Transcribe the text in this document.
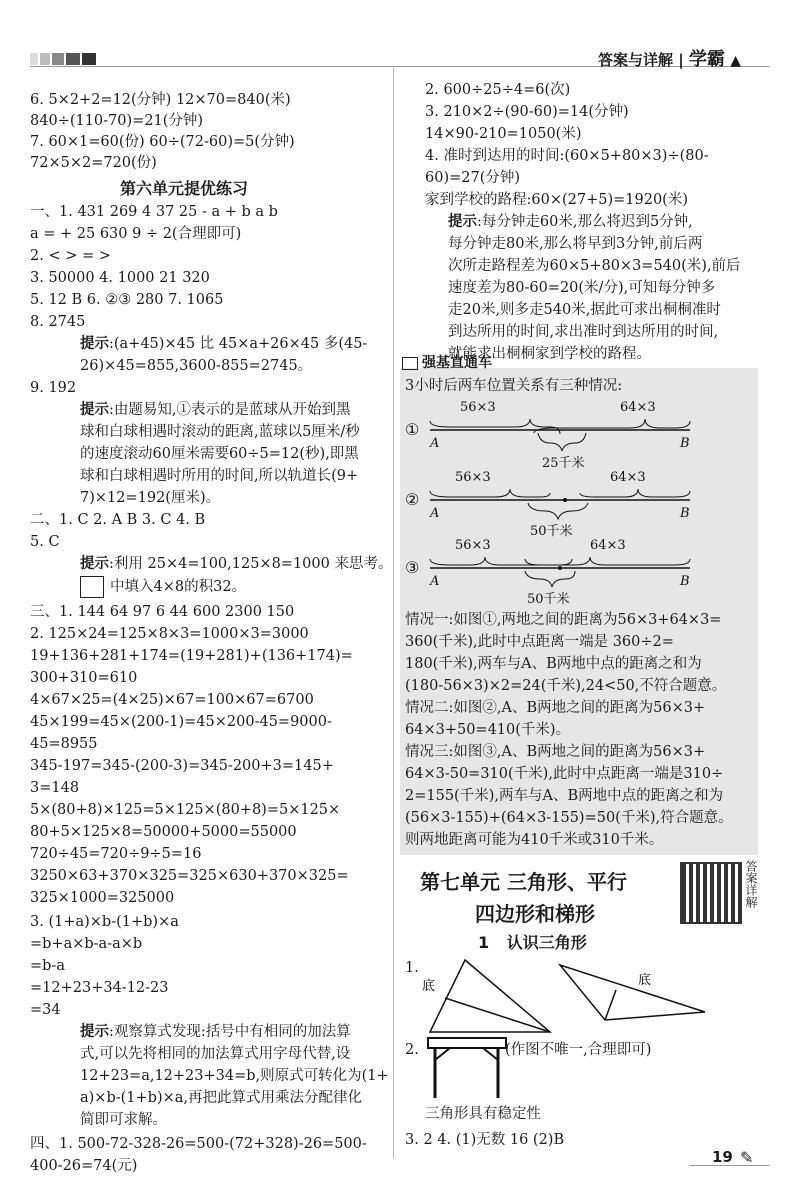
答案与详解 | 学霸 ▲
6. 5×2+2=12(分钟) 12×70=840(米)
840÷(110-70)=21(分钟)
7. 60×1=60(份) 60÷(72-60)=5(分钟)
72×5×2=720(份)
第六单元提优练习
一、1. 431 269 4 37 25 - a + b a b
a = + 25 630 9 ÷ 2(合理即可)
2. < > = >
3. 50000 4. 1000 21 320
5. 12 B 6. ②③ 280 7. 1065
8. 2745
提示:(a+45)×45 比 45×a+26×45 多(45-
26)×45=855,3600-855=2745。
9. 192
提示:由题易知,①表示的是蓝球从开始到黑
球和白球相遇时滚动的距离,蓝球以5厘米/秒
的速度滚动60厘米需要60÷5=12(秒),即黑
球和白球相遇时所用的时间,所以轨道长(9+
7)×12=192(厘米)。
二、1. C 2. A B 3. C 4. B
5. C
提示:利用 25×4=100,125×8=1000 来思考。
中填入4×8的积32。
三、1. 144 64 97 6 44 600 2300 150
2. 125×24=125×8×3=1000×3=3000
19+136+281+174=(19+281)+(136+174)=
300+310=610
4×67×25=(4×25)×67=100×67=6700
45×199=45×(200-1)=45×200-45=9000-
45=8955
345-197=345-(200-3)=345-200+3=145+
3=148
5×(80+8)×125=5×125×(80+8)=5×125×
80+5×125×8=50000+5000=55000
720÷45=720÷9÷5=16
3250×63+370×325=325×630+370×325=
325×1000=325000
3. (1+a)×b-(1+b)×a
=b+a×b-a-a×b
=b-a
=12+23+34-12-23
=34
提示:观察算式发现:括号中有相同的加法算
式,可以先将相同的加法算式用字母代替,设
12+23=a,12+23+34=b,则原式可转化为(1+
a)×b-(1+b)×a,再把此算式用乘法分配律化
简即可求解。
四、1. 500-72-328-26=500-(72+328)-26=500-
400-26=74(元)
2. 600÷25÷4=6(次)
3. 210×2÷(90-60)=14(分钟)
14×90-210=1050(米)
4. 准时到达用的时间:(60×5+80×3)÷(80-
60)=27(分钟)
家到学校的路程:60×(27+5)=1920(米)
提示:每分钟走60米,那么将迟到5分钟,
每分钟走80米,那么将早到3分钟,前后两
次所走路程差为60×5+80×3=540(米),前后
速度差为80-60=20(米/分),可知每分钟多
走20米,则多走540米,据此可求出桐桐准时
到达所用的时间,求出准时到达所用的时间,
就能求出桐桐家到学校的路程。
强基直通车
3小时后两车位置关系有三种情况:
①
56×3	64×3
A	B
25千米
②
56×3	64×3
A	B
50千米
③
56×3	64×3
A	B
50千米
情况一:如图①,两地之间的距离为56×3+64×3=
360(千米),此时中点距离一端是 360÷2=
180(千米),两车与A、B两地中点的距离之和为
(180-56×3)×2=24(千米),24<50,不符合题意。
情况二:如图②,A、B两地之间的距离为56×3+
64×3+50=410(千米)。
情况三:如图③,A、B两地之间的距离为56×3+
64×3-50=310(千米),此时中点距离一端是310÷
2=155(千米),两车与A、B两地中点的距离之和为
(56×3-155)+(64×3-155)=50(千米),符合题意。
则两地距离可能为410千米或310千米。
第七单元 三角形、平行
四边形和梯形
答案详解
1 认识三角形
1.
底	底
2.	(作图不唯一,合理即可)
三角形具有稳定性
3. 2 4. (1)无数 16 (2)B
19 ✎
